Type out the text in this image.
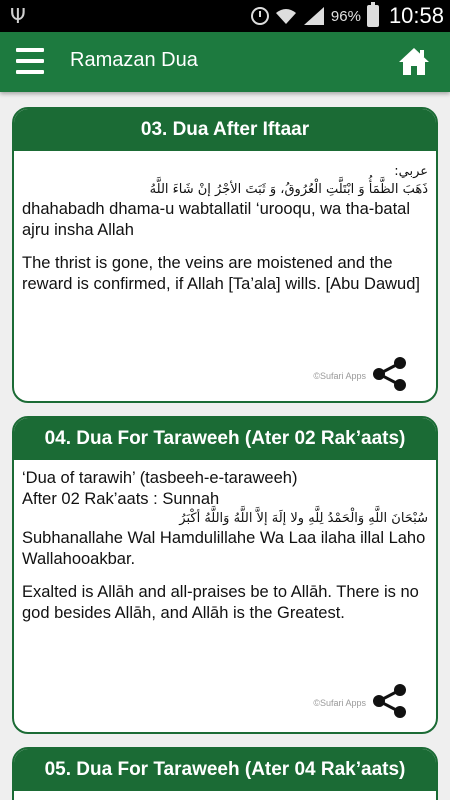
Ψ	96% 10:58
Ramazan Dua
03. Dua After Iftaar
عربي:
ذَهَبَ الظَّمَأُ وَ ابْتَلَّتِ الْعُرُوقُ، وَ ثَبَتَ الأجْرُ إنْ شَاءَ اللَّهُ
dhahabadh dhama-u wabtallatil ‘urooqu, wa tha-batal ajru insha Allah
The thrist is gone, the veins are moistened and the reward is confirmed, if Allah [Ta’ala] wills. [Abu Dawud]
©Sufari Apps
04. Dua For Taraweeh (Ater 02 Rak’aats)
‘Dua of tarawih’ (tasbeeh-e-taraweeh)
After 02 Rak’aats : Sunnah
سُبْحَانَ اللَّهِ وَالْحَمْدُ لِلَّهِ ولا إلَهَ إلاَّ اللَّهُ وَاللَّهُ أكْبَرُ
Subhanallahe Wal Hamdulillahe Wa Laa ilaha illal Laho Wallahooakbar.
Exalted is Allāh and all-praises be to Allāh. There is no god besides Allāh, and Allāh is the Greatest.
©Sufari Apps
05. Dua For Taraweeh (Ater 04 Rak’aats)
